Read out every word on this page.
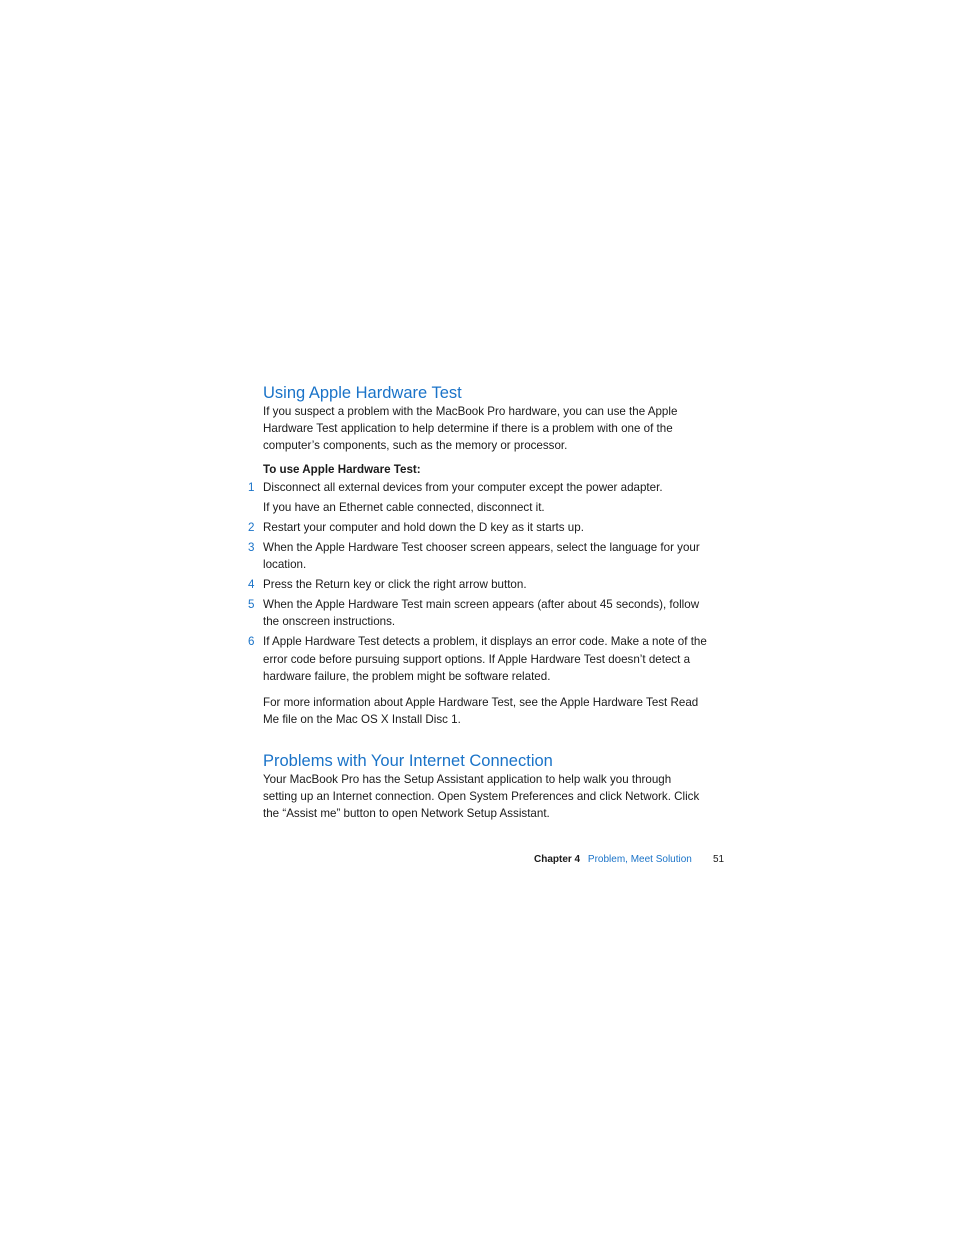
Using Apple Hardware Test

If you suspect a problem with the MacBook Pro hardware, you can use the Apple Hardware Test application to help determine if there is a problem with one of the computer’s components, such as the memory or processor.

To use Apple Hardware Test:

1 Disconnect all external devices from your computer except the power adapter.
If you have an Ethernet cable connected, disconnect it.
2 Restart your computer and hold down the D key as it starts up.
3 When the Apple Hardware Test chooser screen appears, select the language for your location.
4 Press the Return key or click the right arrow button.
5 When the Apple Hardware Test main screen appears (after about 45 seconds), follow the onscreen instructions.
6 If Apple Hardware Test detects a problem, it displays an error code. Make a note of the error code before pursuing support options. If Apple Hardware Test doesn’t detect a hardware failure, the problem might be software related.

For more information about Apple Hardware Test, see the Apple Hardware Test Read Me file on the Mac OS X Install Disc 1.

Problems with Your Internet Connection

Your MacBook Pro has the Setup Assistant application to help walk you through setting up an Internet connection. Open System Preferences and click Network. Click the “Assist me” button to open Network Setup Assistant.

Chapter 4 Problem, Meet Solution 51
